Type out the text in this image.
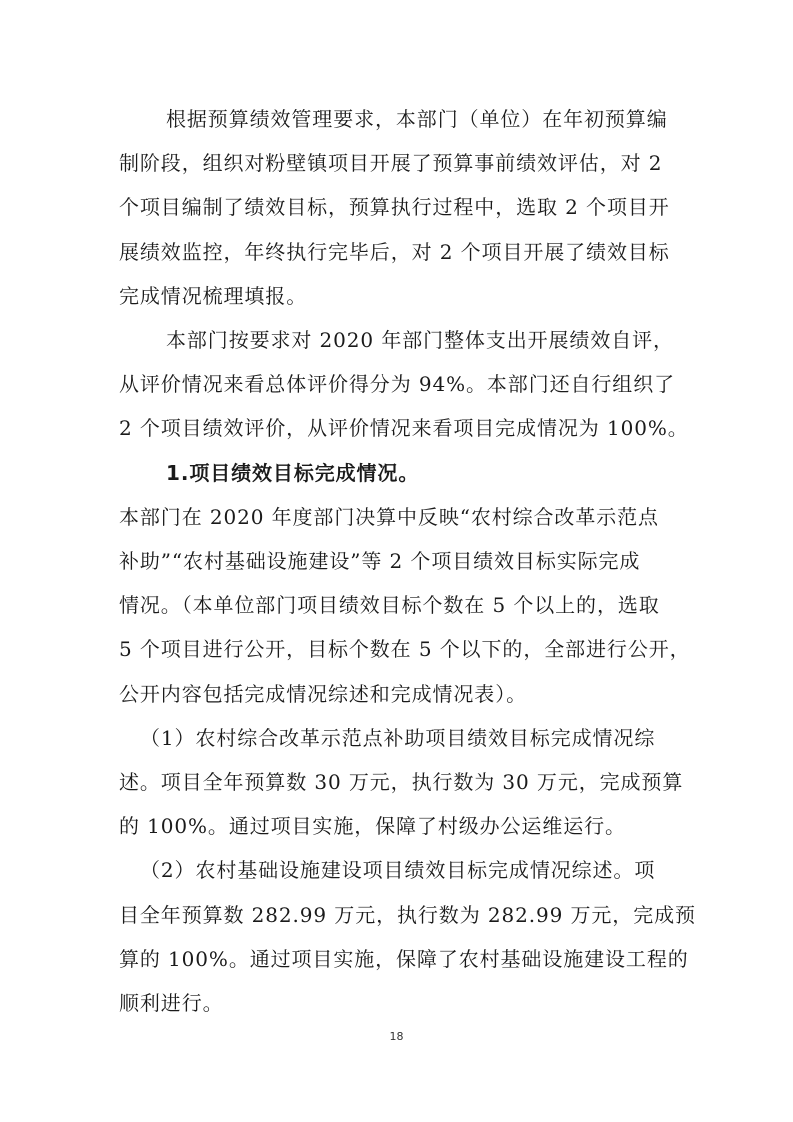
根据预算绩效管理要求，本部门（单位）在年初预算编
制阶段，组织对粉壁镇项目开展了预算事前绩效评估，对 2
个项目编制了绩效目标，预算执行过程中，选取 2 个项目开
展绩效监控，年终执行完毕后，对 2 个项目开展了绩效目标
完成情况梳理填报。
本部门按要求对 2020 年部门整体支出开展绩效自评，
从评价情况来看总体评价得分为 94%。本部门还自行组织了
2 个项目绩效评价，从评价情况来看项目完成情况为 100%。
1.项目绩效目标完成情况。
本部门在 2020 年度部门决算中反映“农村综合改革示范点
补助”“农村基础设施建设”等 2 个项目绩效目标实际完成
情况。（本单位部门项目绩效目标个数在 5 个以上的，选取
5 个项目进行公开，目标个数在 5 个以下的，全部进行公开，
公开内容包括完成情况综述和完成情况表）。
（1）农村综合改革示范点补助项目绩效目标完成情况综
述。项目全年预算数 30 万元，执行数为 30 万元，完成预算
的 100%。通过项目实施，保障了村级办公运维运行。
（2）农村基础设施建设项目绩效目标完成情况综述。项
目全年预算数 282.99 万元，执行数为 282.99 万元，完成预
算的 100%。通过项目实施，保障了农村基础设施建设工程的
顺利进行。
18
